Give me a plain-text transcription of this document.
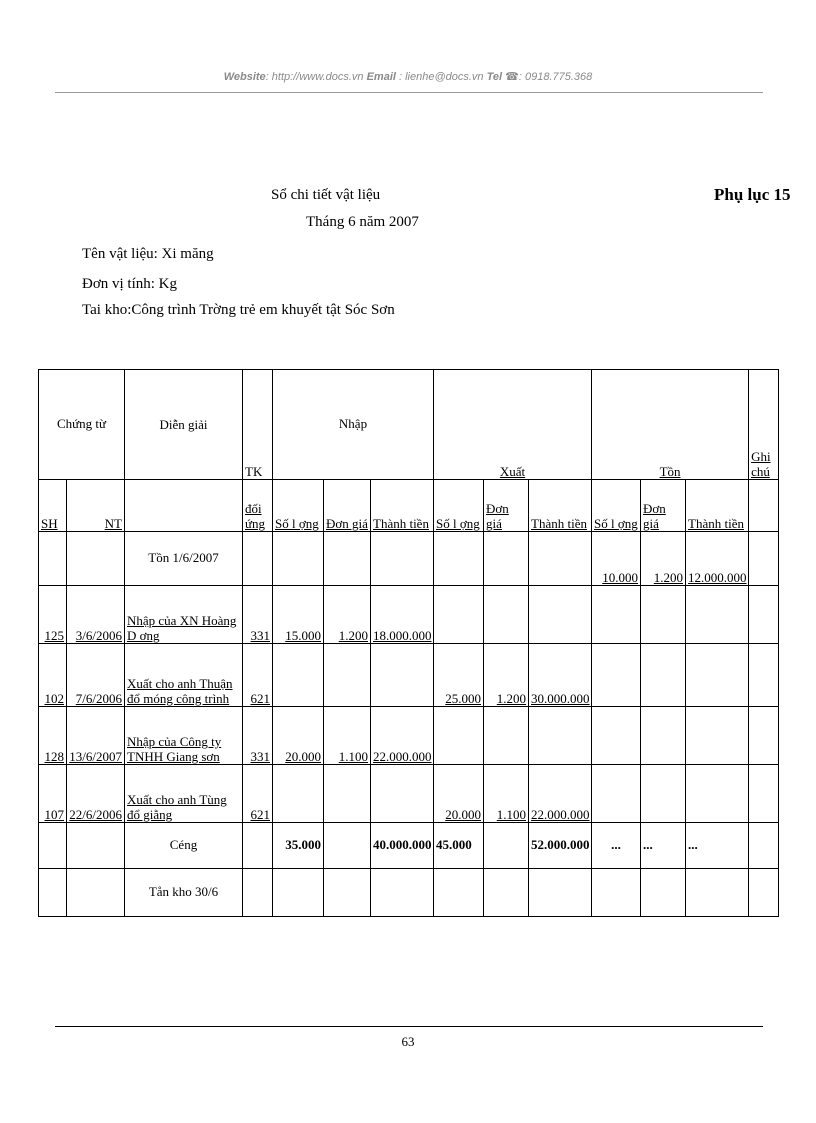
Website: http://www.docs.vn Email : lienhe@docs.vn Tel ☎: 0918.775.368
Sổ chi tiết vật liệu
Tháng 6 năm 2007
Phụ lục 15
Tên vật liệu: Xi măng
Đơn vị tính: Kg
Tai kho:Công trình Trờng trẻ em khuyết tật Sóc Sơn
Chứng từ		Diễn giải	TK	Nhập			Xuất			Tồn			Ghi chú
SH	NT		đối ứng	Số l ợng	Đơn giá	Thành tiền	Số l ợng	Đơn giá	Thành tiền	Số l ợng	Đơn giá	Thành tiền	
		Tồn 1/6/2007								10.000	1.200	12.000.000	
125	3/6/2006	Nhập của XN Hoàng D ơng	331	15.000	1.200	18.000.000							
102	7/6/2006	Xuất cho anh Thuận đổ móng công trình	621				25.000	1.200	30.000.000				
128	13/6/2007	Nhập của Công ty TNHH Giang sơn	331	20.000	1.100	22.000.000							
107	22/6/2006	Xuất cho anh Tùng đổ giằng	621				20.000	1.100	22.000.000				
		Céng		35.000		40.000.000	45.000		52.000.000	...	...	...	
		Tån kho 30/6											
63
